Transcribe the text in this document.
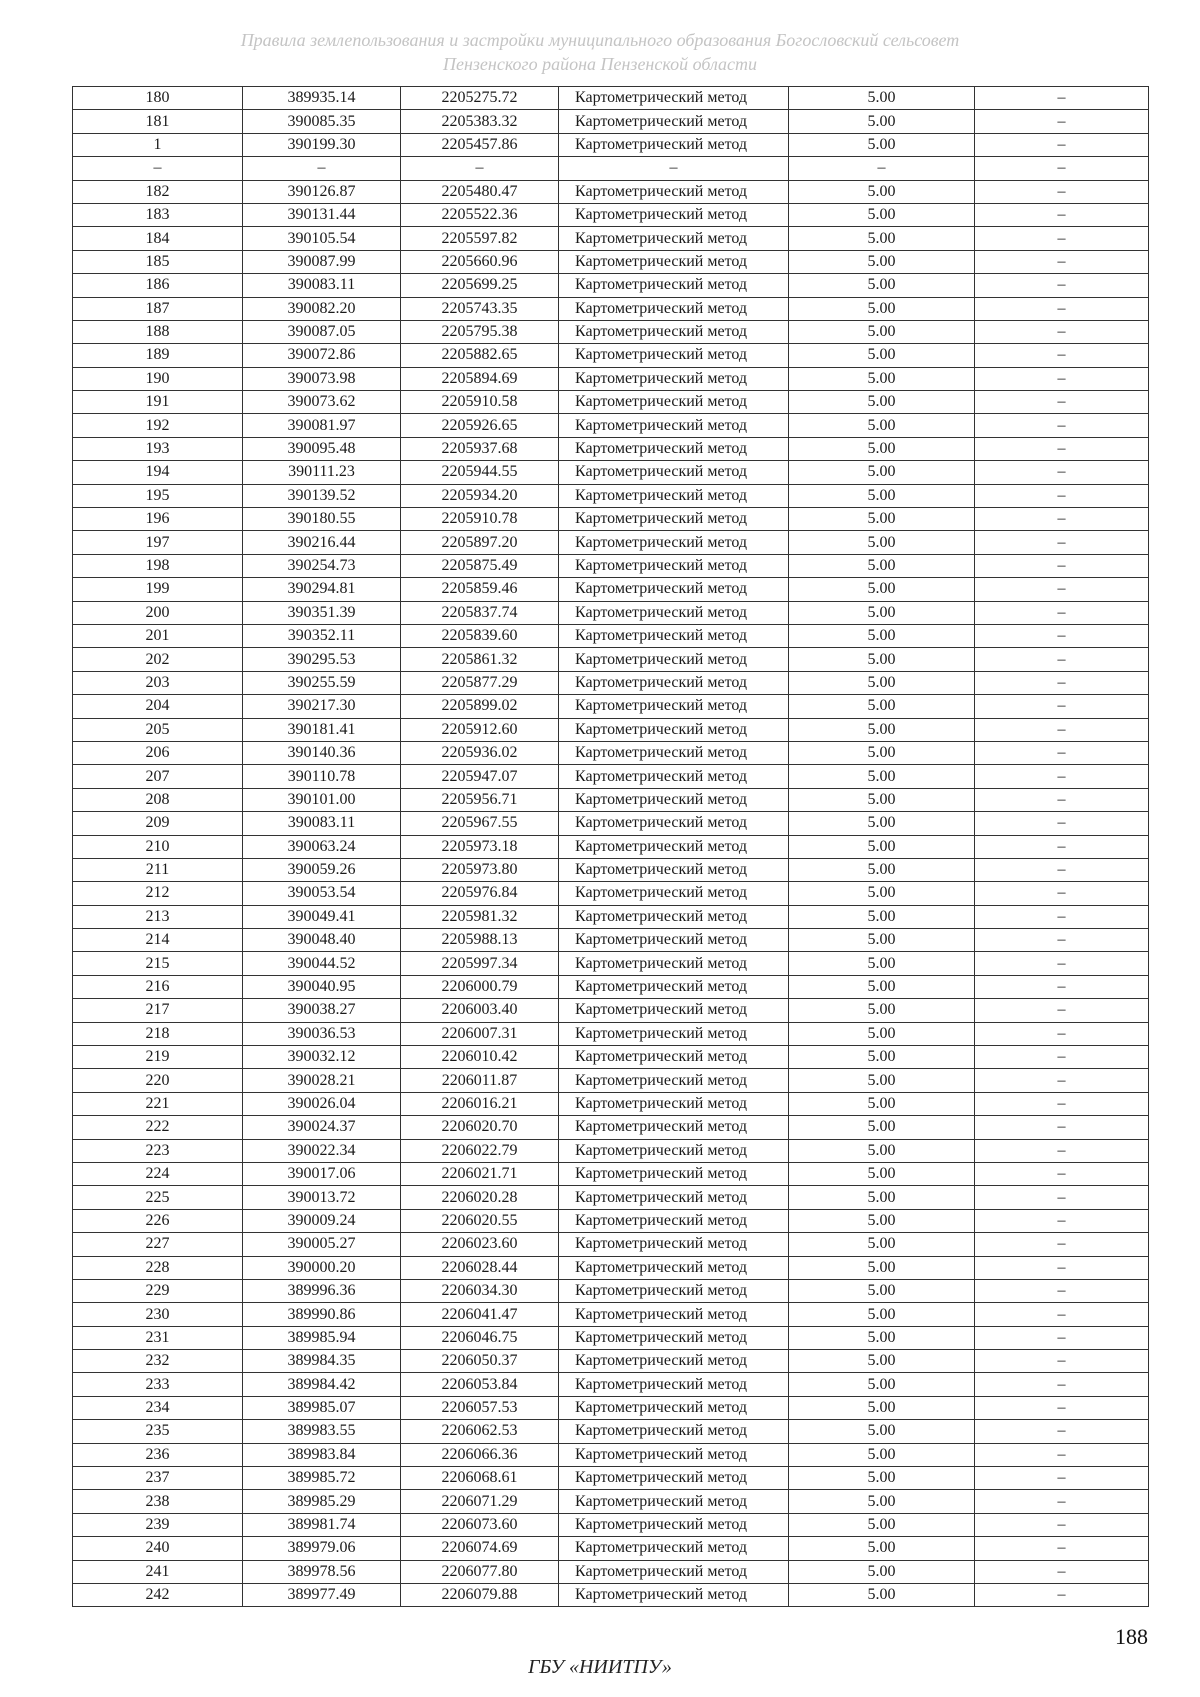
Правила землепользования и застройки муниципального образования Богословский сельсовет
Пензенского района Пензенской области
180	389935.14	2205275.72	Картометрический метод	5.00	–
181	390085.35	2205383.32	Картометрический метод	5.00	–
1	390199.30	2205457.86	Картометрический метод	5.00	–
–	–	–	–	–	–
182	390126.87	2205480.47	Картометрический метод	5.00	–
183	390131.44	2205522.36	Картометрический метод	5.00	–
184	390105.54	2205597.82	Картометрический метод	5.00	–
185	390087.99	2205660.96	Картометрический метод	5.00	–
186	390083.11	2205699.25	Картометрический метод	5.00	–
187	390082.20	2205743.35	Картометрический метод	5.00	–
188	390087.05	2205795.38	Картометрический метод	5.00	–
189	390072.86	2205882.65	Картометрический метод	5.00	–
190	390073.98	2205894.69	Картометрический метод	5.00	–
191	390073.62	2205910.58	Картометрический метод	5.00	–
192	390081.97	2205926.65	Картометрический метод	5.00	–
193	390095.48	2205937.68	Картометрический метод	5.00	–
194	390111.23	2205944.55	Картометрический метод	5.00	–
195	390139.52	2205934.20	Картометрический метод	5.00	–
196	390180.55	2205910.78	Картометрический метод	5.00	–
197	390216.44	2205897.20	Картометрический метод	5.00	–
198	390254.73	2205875.49	Картометрический метод	5.00	–
199	390294.81	2205859.46	Картометрический метод	5.00	–
200	390351.39	2205837.74	Картометрический метод	5.00	–
201	390352.11	2205839.60	Картометрический метод	5.00	–
202	390295.53	2205861.32	Картометрический метод	5.00	–
203	390255.59	2205877.29	Картометрический метод	5.00	–
204	390217.30	2205899.02	Картометрический метод	5.00	–
205	390181.41	2205912.60	Картометрический метод	5.00	–
206	390140.36	2205936.02	Картометрический метод	5.00	–
207	390110.78	2205947.07	Картометрический метод	5.00	–
208	390101.00	2205956.71	Картометрический метод	5.00	–
209	390083.11	2205967.55	Картометрический метод	5.00	–
210	390063.24	2205973.18	Картометрический метод	5.00	–
211	390059.26	2205973.80	Картометрический метод	5.00	–
212	390053.54	2205976.84	Картометрический метод	5.00	–
213	390049.41	2205981.32	Картометрический метод	5.00	–
214	390048.40	2205988.13	Картометрический метод	5.00	–
215	390044.52	2205997.34	Картометрический метод	5.00	–
216	390040.95	2206000.79	Картометрический метод	5.00	–
217	390038.27	2206003.40	Картометрический метод	5.00	–
218	390036.53	2206007.31	Картометрический метод	5.00	–
219	390032.12	2206010.42	Картометрический метод	5.00	–
220	390028.21	2206011.87	Картометрический метод	5.00	–
221	390026.04	2206016.21	Картометрический метод	5.00	–
222	390024.37	2206020.70	Картометрический метод	5.00	–
223	390022.34	2206022.79	Картометрический метод	5.00	–
224	390017.06	2206021.71	Картометрический метод	5.00	–
225	390013.72	2206020.28	Картометрический метод	5.00	–
226	390009.24	2206020.55	Картометрический метод	5.00	–
227	390005.27	2206023.60	Картометрический метод	5.00	–
228	390000.20	2206028.44	Картометрический метод	5.00	–
229	389996.36	2206034.30	Картометрический метод	5.00	–
230	389990.86	2206041.47	Картометрический метод	5.00	–
231	389985.94	2206046.75	Картометрический метод	5.00	–
232	389984.35	2206050.37	Картометрический метод	5.00	–
233	389984.42	2206053.84	Картометрический метод	5.00	–
234	389985.07	2206057.53	Картометрический метод	5.00	–
235	389983.55	2206062.53	Картометрический метод	5.00	–
236	389983.84	2206066.36	Картометрический метод	5.00	–
237	389985.72	2206068.61	Картометрический метод	5.00	–
238	389985.29	2206071.29	Картометрический метод	5.00	–
239	389981.74	2206073.60	Картометрический метод	5.00	–
240	389979.06	2206074.69	Картометрический метод	5.00	–
241	389978.56	2206077.80	Картометрический метод	5.00	–
242	389977.49	2206079.88	Картометрический метод	5.00	–
188
ГБУ «НИИТПУ»
